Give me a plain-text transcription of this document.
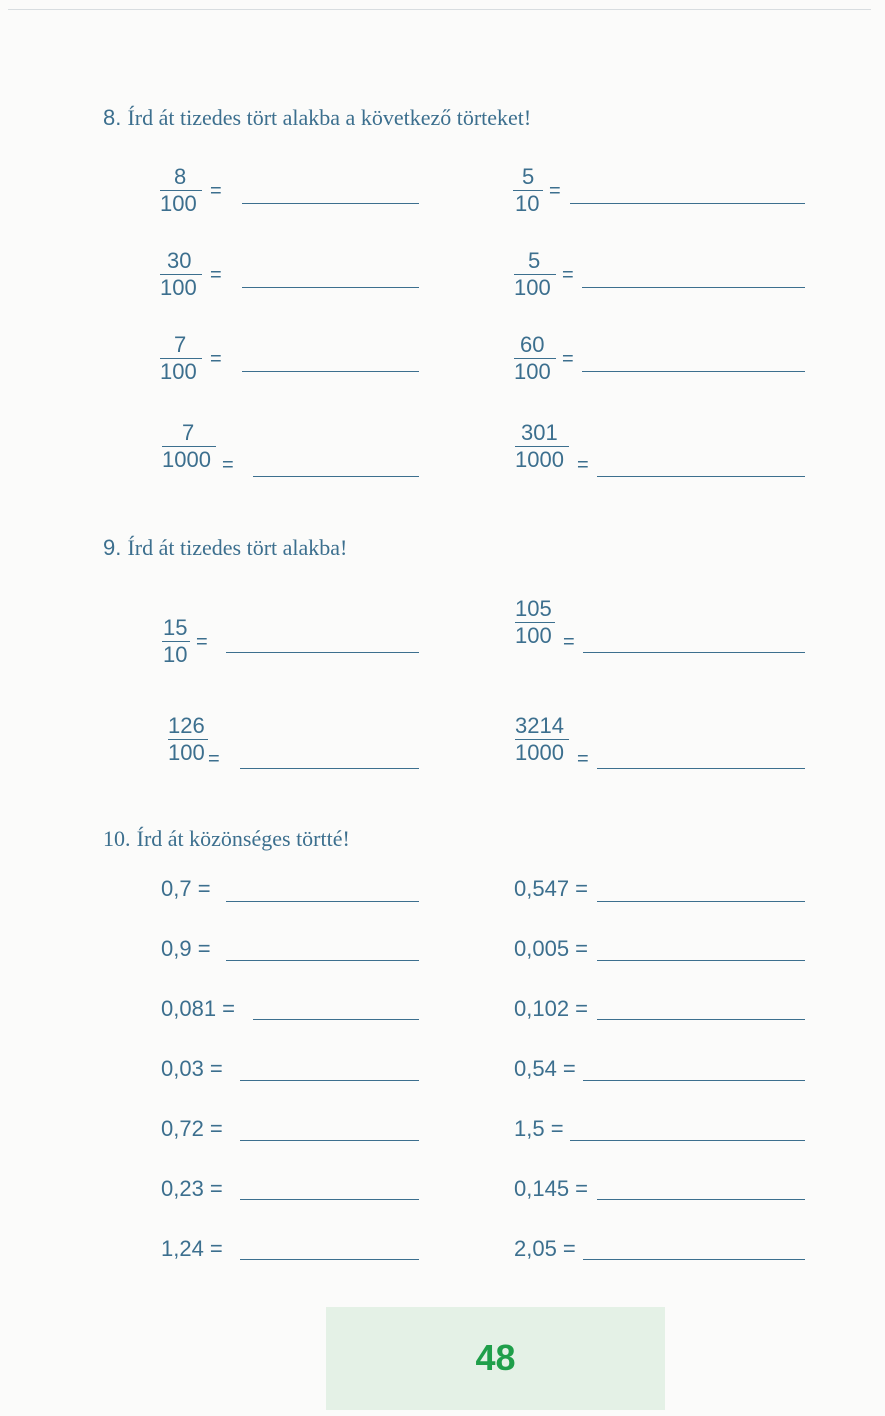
8. Írd át tizedes tört alakba a következő törteket!
8
100 =
5
10 =
30
100 =
5
100 =
7
100 =
60
100 =
7
1000 =
301
1000 =
9. Írd át tizedes tört alakba!
15
10 =
105
100 =
126
100 =
3214
1000 =
10. Írd át közönséges törtté!
0,7 =
0,9 =
0,081 =
0,03 =
0,72 =
0,23 =
1,24 =
0,547 =
0,005 =
0,102 =
0,54 =
1,5 =
0,145 =
2,05 =
48
